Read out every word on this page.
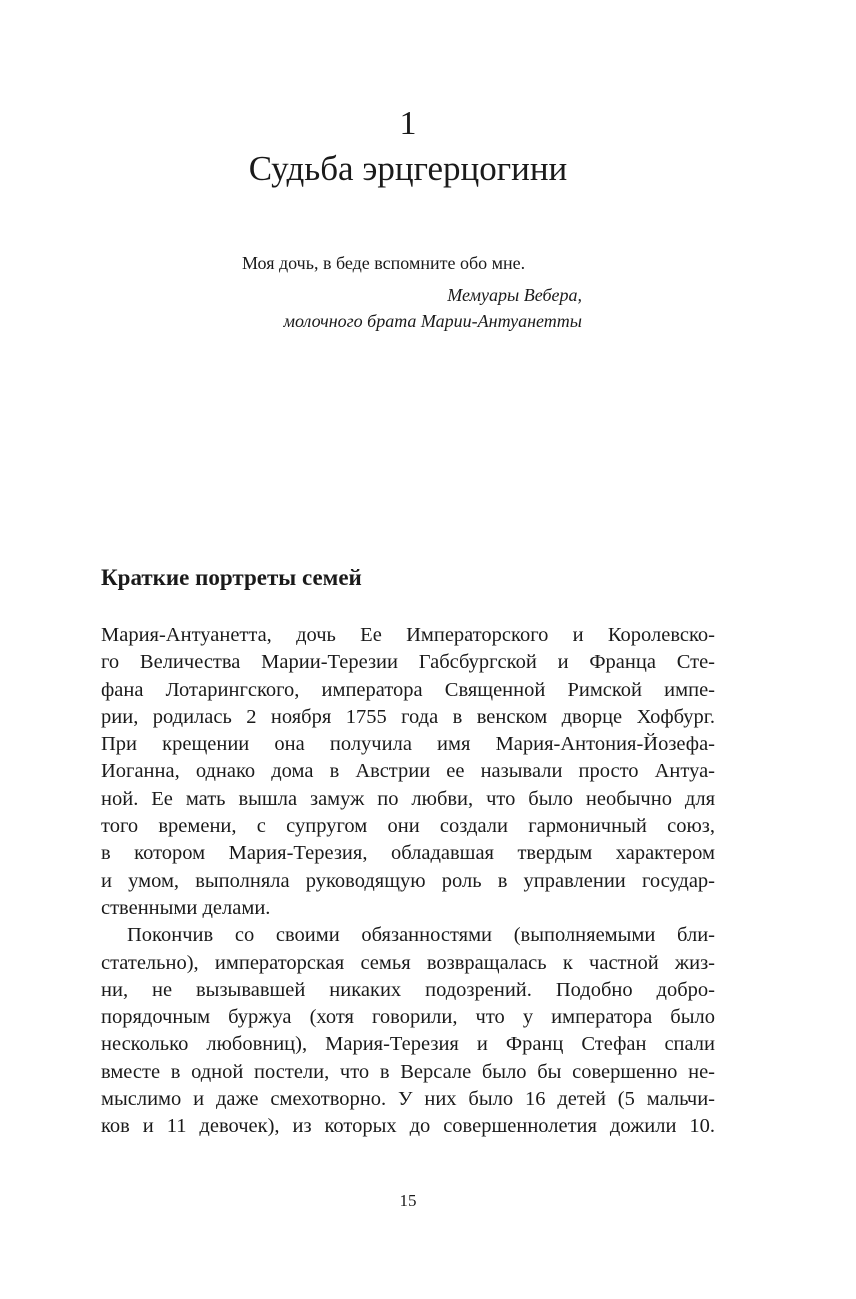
1
Судьба эрцгерцогини
Моя дочь, в беде вспомните обо мне.
Мемуары Вебера,
молочного брата Марии-Антуанетты
Краткие портреты семей
Мария-Антуанетта, дочь Ее Императорского и Королевско-
го Величества Марии-Терезии Габсбургской и Франца Сте-
фана Лотарингского, императора Священной Римской импе-
рии, родилась 2 ноября 1755 года в венском дворце Хофбург.
При крещении она получила имя Мария-Антония-Йозефа-
Иоганна, однако дома в Австрии ее называли просто Антуа-
ной. Ее мать вышла замуж по любви, что было необычно для
того времени, с супругом они создали гармоничный союз,
в котором Мария-Терезия, обладавшая твердым характером
и умом, выполняла руководящую роль в управлении государ-
ственными делами.
Покончив со своими обязанностями (выполняемыми бли-
стательно), императорская семья возвращалась к частной жиз-
ни, не вызывавшей никаких подозрений. Подобно добро-
порядочным буржуа (хотя говорили, что у императора было
несколько любовниц), Мария-Терезия и Франц Стефан спали
вместе в одной постели, что в Версале было бы совершенно не-
мыслимо и даже смехотворно. У них было 16 детей (5 мальчи-
ков и 11 девочек), из которых до совершеннолетия дожили 10.
15
